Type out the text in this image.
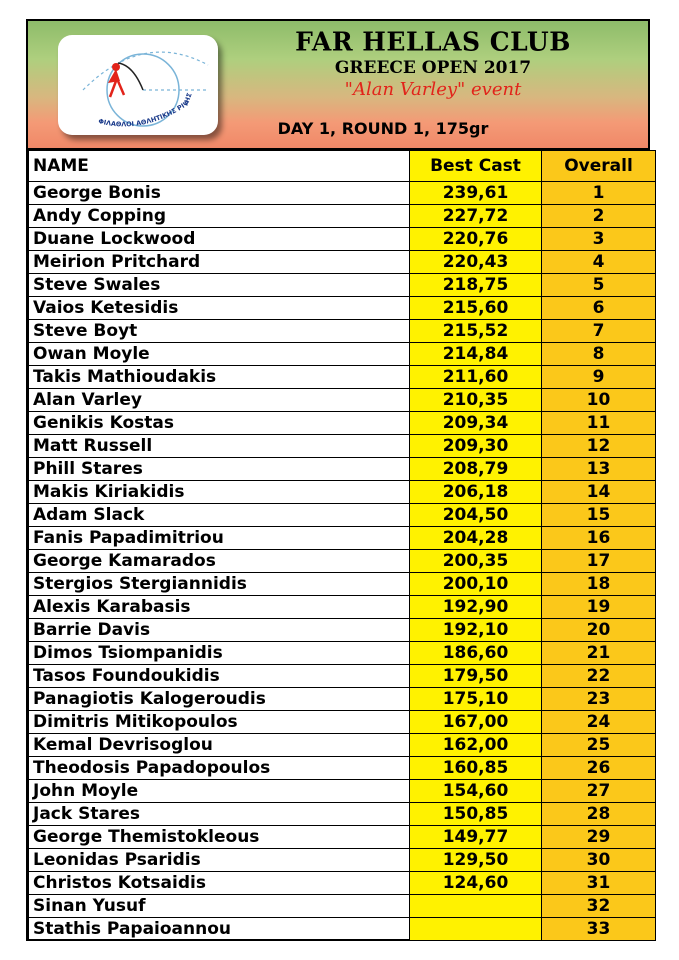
ΦΙΛΑΘΛΟΙ ΑΘΛΗΤΙΚΗΣ ΡΙΨΗΣ
FAR HELLAS CLUB
GREECE OPEN 2017
"Alan Varley" event
DAY 1, ROUND 1, 175gr
NAME	Best Cast	Overall
George Bonis	239,61	1
Andy Copping	227,72	2
Duane Lockwood	220,76	3
Meirion Pritchard	220,43	4
Steve Swales	218,75	5
Vaios Ketesidis	215,60	6
Steve Boyt	215,52	7
Owan Moyle	214,84	8
Takis Mathioudakis	211,60	9
Alan Varley	210,35	10
Genikis Kostas	209,34	11
Matt Russell	209,30	12
Phill Stares	208,79	13
Makis Kiriakidis	206,18	14
Adam Slack	204,50	15
Fanis Papadimitriou	204,28	16
George Kamarados	200,35	17
Stergios Stergiannidis	200,10	18
Alexis Karabasis	192,90	19
Barrie Davis	192,10	20
Dimos Tsiompanidis	186,60	21
Tasos Foundoukidis	179,50	22
Panagiotis Kalogeroudis	175,10	23
Dimitris Mitikopoulos	167,00	24
Kemal Devrisoglou	162,00	25
Theodosis Papadopoulos	160,85	26
John Moyle	154,60	27
Jack Stares	150,85	28
George Themistokleous	149,77	29
Leonidas Psaridis	129,50	30
Christos Kotsaidis	124,60	31
Sinan Yusuf		32
Stathis Papaioannou		33
